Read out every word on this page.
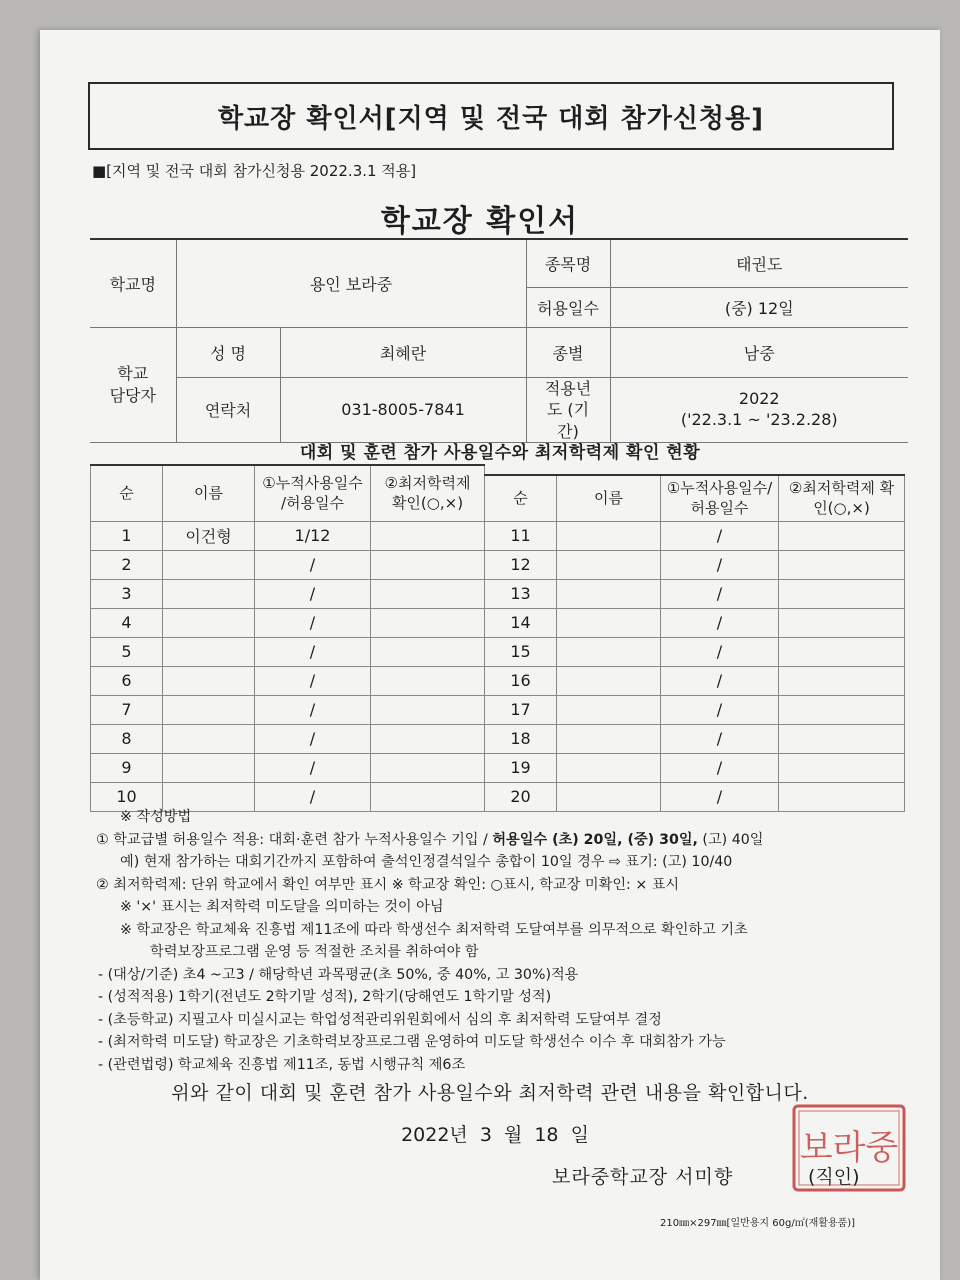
학교장 확인서[지역 및 전국 대회 참가신청용]
■[지역 및 전국 대회 참가신청용 2022.3.1 적용]
학교장 확인서
학교명	용인 보라중		종목명	태권도
			허용일수	(중) 12일
학교 담당자	성 명	최혜란	종별	남중
	연락처	031-8005-7841	적용년도 (기간)	2022
('22.3.1 ~ '23.2.28)
대회 및 훈련 참가 사용일수와 최저학력제 확인 현황
순	이름	①누적사용일수 /허용일수	②최저학력제 확인(○,×)
1	이건형	1/12	
2		/	
3		/	
4		/	
5		/	
6		/	
7		/	
8		/	
9		/	
10		/	
순	이름	①누적사용일수/ 허용일수	②최저학력제 확인(○,×)
11		/	
12		/	
13		/	
14		/	
15		/	
16		/	
17		/	
18		/	
19		/	
20		/	
※ 작성방법
① 학교급별 허용일수 적용: 대회·훈련 참가 누적사용일수 기입 / 허용일수 (초) 20일, (중) 30일, (고) 40일
예) 현재 참가하는 대회기간까지 포함하여 출석인정결석일수 총합이 10일 경우 ⇨ 표기: (고) 10/40
② 최저학력제: 단위 학교에서 확인 여부만 표시 ※ 학교장 확인: ○표시, 학교장 미확인: × 표시
※ '×' 표시는 최저학력 미도달을 의미하는 것이 아님
※ 학교장은 학교체육 진흥법 제11조에 따라 학생선수 최저학력 도달여부를 의무적으로 확인하고 기초
학력보장프로그램 운영 등 적절한 조치를 취하여야 함
- (대상/기준) 초4 ~고3 / 해당학년 과목평균(초 50%, 중 40%, 고 30%)적용
- (성적적용) 1학기(전년도 2학기말 성적), 2학기(당해연도 1학기말 성적)
- (초등학교) 지필고사 미실시교는 학업성적관리위원회에서 심의 후 최저학력 도달여부 결정
- (최저학력 미도달) 학교장은 기초학력보장프로그램 운영하여 미도달 학생선수 이수 후 대회참가 가능
- (관련법령) 학교체육 진흥법 제11조, 동법 시행규칙 제6조
위와 같이 대회 및 훈련 참가 사용일수와 최저학력 관련 내용을 확인합니다.
2022년 3 월 18 일
보라중학교장 서미향
보라중
(직인)
210㎜×297㎜[일반용지 60g/㎡(재활용품)]
